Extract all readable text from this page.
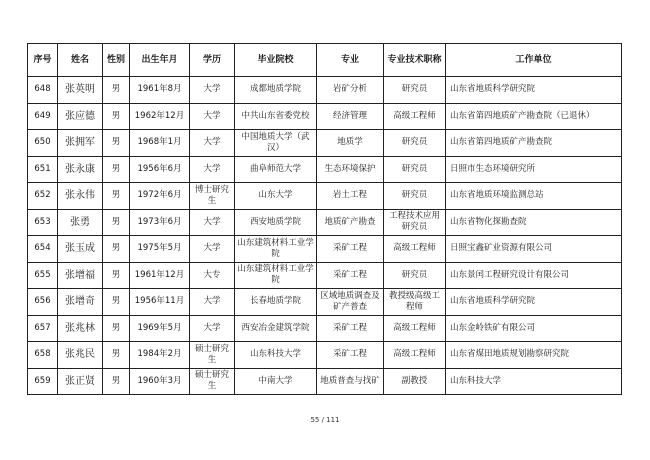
序号	姓名	性别	出生年月	学历	毕业院校	专业	专业技术职称	工作单位
648	张英明	男	1961年8月	大学	成都地质学院	岩矿分析	研究员	山东省地质科学研究院
649	张应德	男	1962年12月	大学	中共山东省委党校	经济管理	高级工程师	山东省第四地质矿产勘查院（已退休）
650	张拥军	男	1968年1月	大学	中国地质大学（武汉）	地质学	研究员	山东省第四地质矿产勘查院
651	张永康	男	1956年6月	大学	曲阜师范大学	生态环境保护	研究员	日照市生态环境研究所
652	张永伟	男	1972年6月	博士研究生	山东大学	岩土工程	研究员	山东省地质环境监测总站
653	张勇	男	1973年6月	大学	西安地质学院	地质矿产勘查	工程技术应用研究员	山东省物化探勘查院
654	张玉成	男	1975年5月	大学	山东建筑材料工业学院	采矿工程	高级工程师	日照宝鑫矿业资源有限公司
655	张增福	男	1961年12月	大专	山东建筑材料工业学院	采矿工程	研究员	山东景闰工程研究设计有限公司
656	张增奇	男	1956年11月	大学	长春地质学院	区域地质调查及矿产普查	教授级高级工程师	山东省地质科学研究院
657	张兆林	男	1969年5月	大学	西安冶金建筑学院	采矿工程	高级工程师	山东金岭铁矿有限公司
658	张兆民	男	1984年2月	硕士研究生	山东科技大学	采矿工程	高级工程师	山东省煤田地质规划勘察研究院
659	张正贤	男	1960年3月	硕士研究生	中南大学	地质普查与找矿	副教授	山东科技大学
55 / 111
